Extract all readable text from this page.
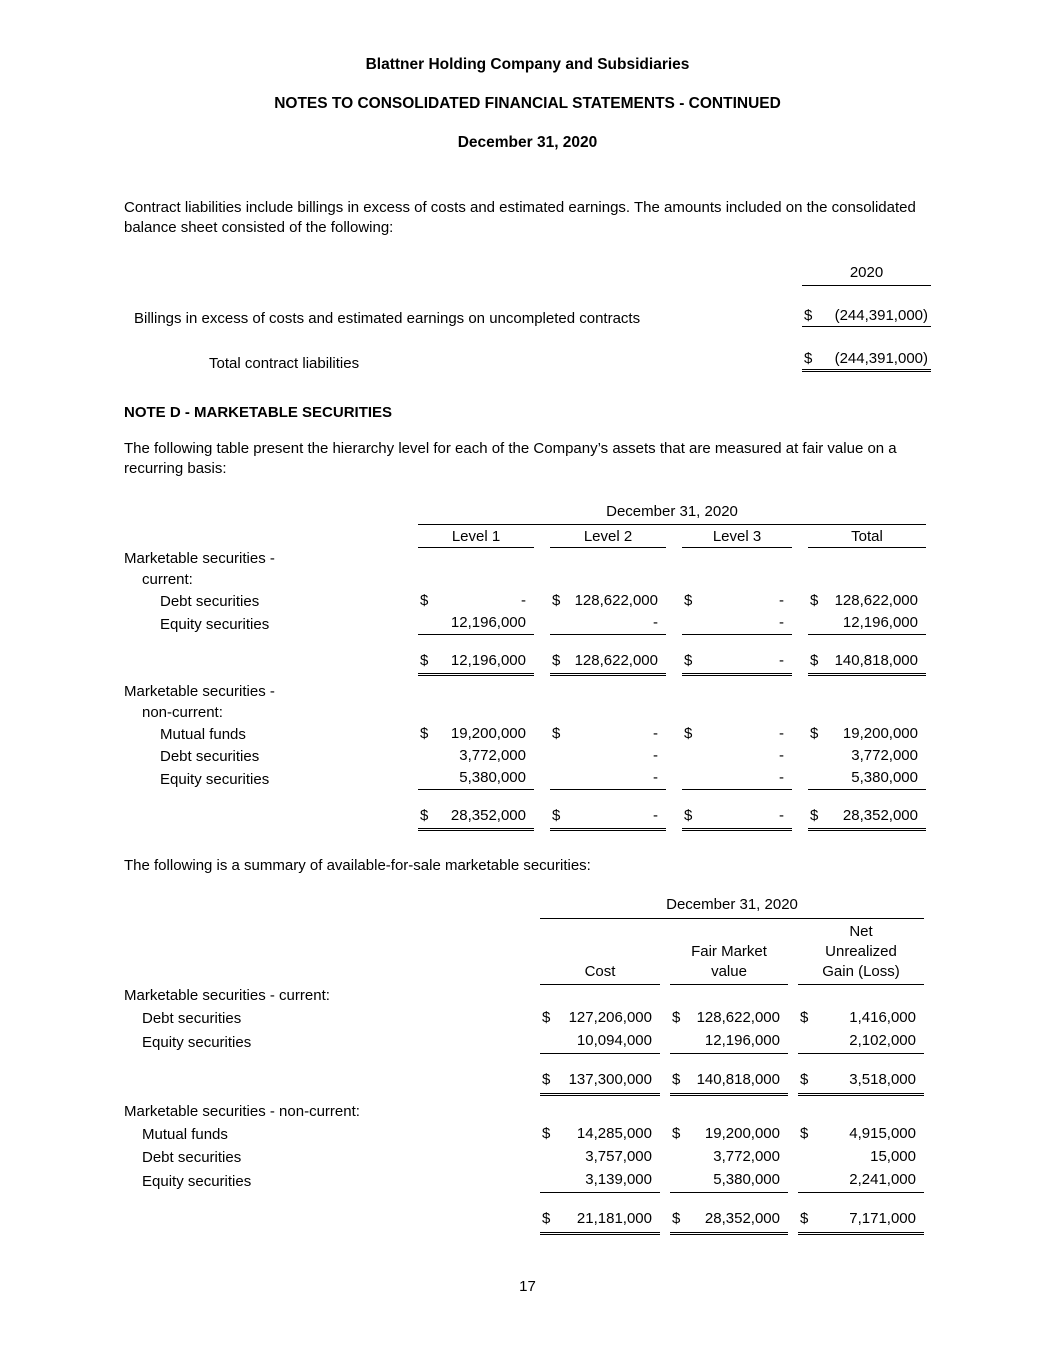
Blattner Holding Company and Subsidiaries
NOTES TO CONSOLIDATED FINANCIAL STATEMENTS - CONTINUED
December 31, 2020

Contract liabilities include billings in excess of costs and estimated earnings. The amounts included on the consolidated balance sheet consisted of the following:

2020
Billings in excess of costs and estimated earnings on uncompleted contracts	$ (244,391,000)
Total contract liabilities	$ (244,391,000)
NOTE D - MARKETABLE SECURITIES

The following table present the hierarchy level for each of the Company’s assets that are measured at fair value on a recurring basis:

December 31, 2020
Level 1	Level 2	Level 3	Total
Marketable securities -
current:
Debt securities	$	- $ 128,622,000 $	- $ 128,622,000
Equity securities	12,196,000	-	-	12,196,000
$ 12,196,000 $ 128,622,000 $	- $ 140,818,000
Marketable securities -
non-current:
Mutual funds	$ 19,200,000 $	- $	- $ 19,200,000
Debt securities	3,772,000	-	-	3,772,000
Equity securities	5,380,000	-	-	5,380,000
$ 28,352,000 $	- $	- $ 28,352,000

The following is a summary of available-for-sale marketable securities:

December 31, 2020
Cost
Fair Market
value
Net
Unrealized
Gain (Loss)
Marketable securities - current:
Debt securities	$ 127,206,000 $ 128,622,000 $	1,416,000
Equity securities	10,094,000	12,196,000	2,102,000
$ 137,300,000 $ 140,818,000 $	3,518,000
Marketable securities - non-current:
Mutual funds	$ 14,285,000 $ 19,200,000 $	4,915,000
Debt securities	3,757,000	3,772,000	15,000
Equity securities	3,139,000	5,380,000	2,241,000
$ 21,181,000 $ 28,352,000 $	7,171,000
17
